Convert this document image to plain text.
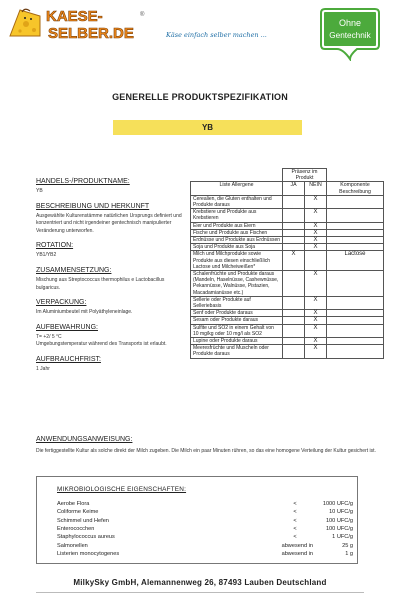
KAESE-
SELBER.DE
®
Käse einfach selber machen ...
Ohne
Gentechnik
GENERELLE PRODUKTSPEZIFIKATION
YB
HANDELS-/PRODUKTNAME:
YB
BESCHREIBUNG UND HERKUNFT
Ausgewählte Kulturenstämme natürlichen Ursprungs definiert und konzentriert und nicht irgendeiner gentechnisch manipulierter Veränderung unterworfen.
ROTATION:
YB1/YB2
ZUSAMMENSETZUNG:
Mischung aus Streptococcus thermophilus e Lactobacillus bulgaricus.
VERPACKUNG:
Im Aluminiumbeutel mit Polyäthyleneinlage.
AUFBEWAHRUNG:
T= +2/ 5 °C
Umgebungstemperatur während des Transports ist erlaubt.
AUFBRAUCHFRIST:
1 Jahr
	Präsenz im Produkt		
Liste Allergene	JA	NEIN	Komponente Beschreibung
Cerealien, die Gluten enthalten und Produkte daraus		X	
Krebstiere und Produkte aus Krebstieren		X	
Eier und Produkte aus Eiern		X	
Fische und Produkte aus Fischen		X	
Erdnüsse und Produkte aus Erdnüssen		X	
Soja und Produkte aus Soja		X	
Milch und Milchprodukte sowie Produkte aus diesen einschließlich Lactose und Milcheiweißen*	X		Lactose
Schalenfrüchte und Produkte daraus (Mandeln, Haselnüsse, Cashewnüsse, Pekannüsse, Walnüsse, Pistazien, Macadamianüsse etc.)		X	
Sellerie oder Produkte auf Selleriebasis		X	
Senf oder Produkte daraus		X	
Sesam oder Produkte daraus		X	
Sulfite und SO2 in einem Gehalt von 10 mg/kg oder 10 mg/l als SO2		X	
Lupine oder Produkte daraus		X	
Meeresfrüchte und Muscheln oder Produkte daraus		X	
ANWENDUNGSANWEISUNG:
Die fertiggestellte Kultur als solche direkt der Milch zugeben. Die Milch ein paar Minuten rühren, so das eine homogene Verteilung der Kultur gesichert ist.
MIKROBIOLOGISCHE EIGENSCHAFTEN:
Aerobe Flora	<	1000 UFC/g
Coliforme Keime	<	10 UFC/g
Schimmel und Hefen	<	100 UFC/g
Enterococchen	<	100 UFC/g
Staphylococcus aureus	<	1 UFC/g
Salmonellen	abwesend in	25 g
Listerien monocytogenes	abwesend in	1 g
MilkySky GmbH, Alemannenweg 26, 87493 Lauben Deutschland
